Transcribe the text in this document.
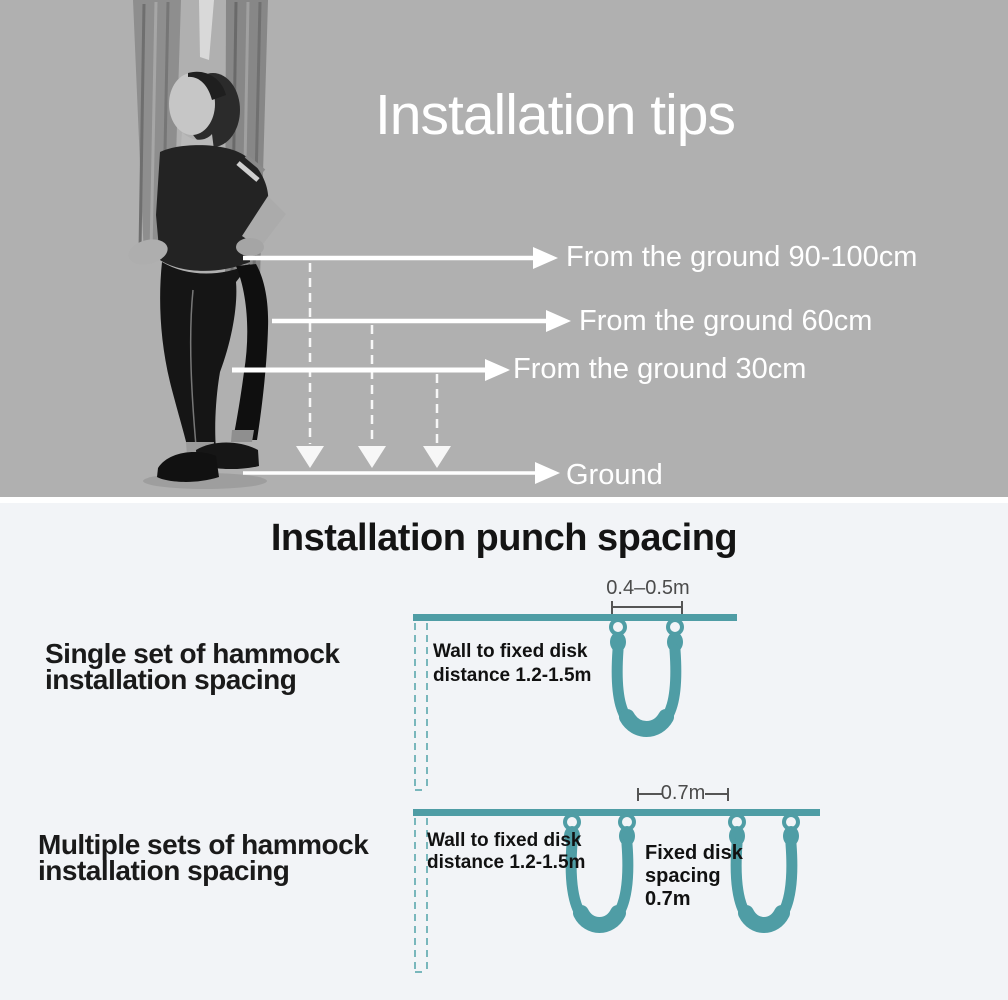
Installation tips
From the ground 90-100cm
From the ground 60cm
From the ground 30cm
Ground
Installation punch spacing
Single set of hammock
installation spacing
Multiple sets of hammock
installation spacing
0.4–0.5m
Wall to fixed disk
distance 1.2-1.5m
0.7m
Wall to fixed disk
distance 1.2-1.5m	Fixed disk
spacing
0.7m
